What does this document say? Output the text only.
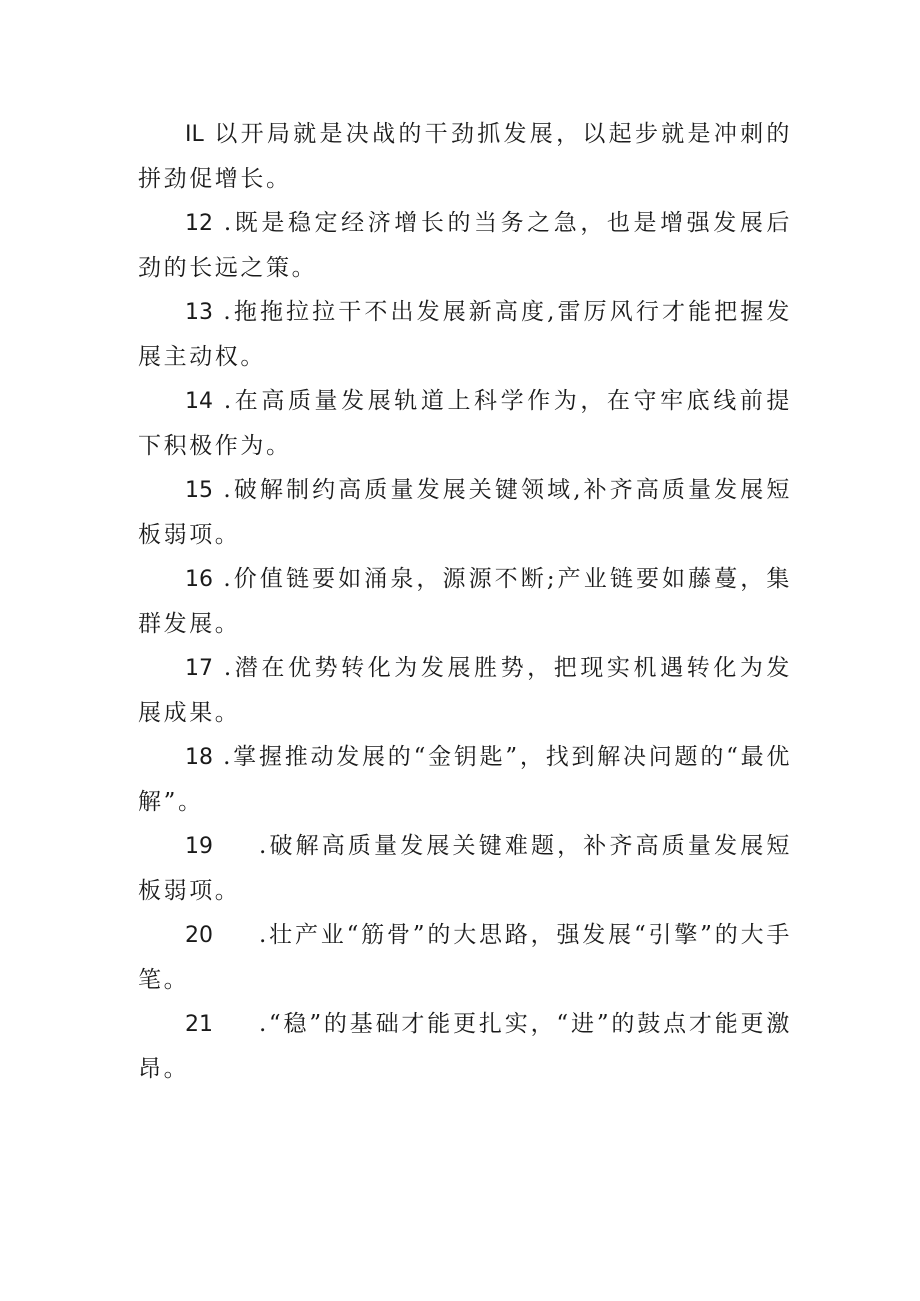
IL 以开局就是决战的干劲抓发展，以起步就是冲刺的拼劲促增长。

12 .既是稳定经济增长的当务之急，也是增强发展后劲的长远之策。

13 .拖拖拉拉干不出发展新高度,雷厉风行才能把握发展主动权。

14 .在高质量发展轨道上科学作为，在守牢底线前提下积极作为。

15 .破解制约高质量发展关键领域,补齐高质量发展短板弱项。

16 .价值链要如涌泉，源源不断;产业链要如藤蔓，集群发展。

17 .潜在优势转化为发展胜势，把现实机遇转化为发展成果。

18 .掌握推动发展的“金钥匙”，找到解决问题的“最优解”。

19 .破解高质量发展关键难题，补齐高质量发展短板弱项。

20 .壮产业“筋骨”的大思路，强发展“引擎”的大手笔。

21 .“稳”的基础才能更扎实，“进”的鼓点才能更激昂。
